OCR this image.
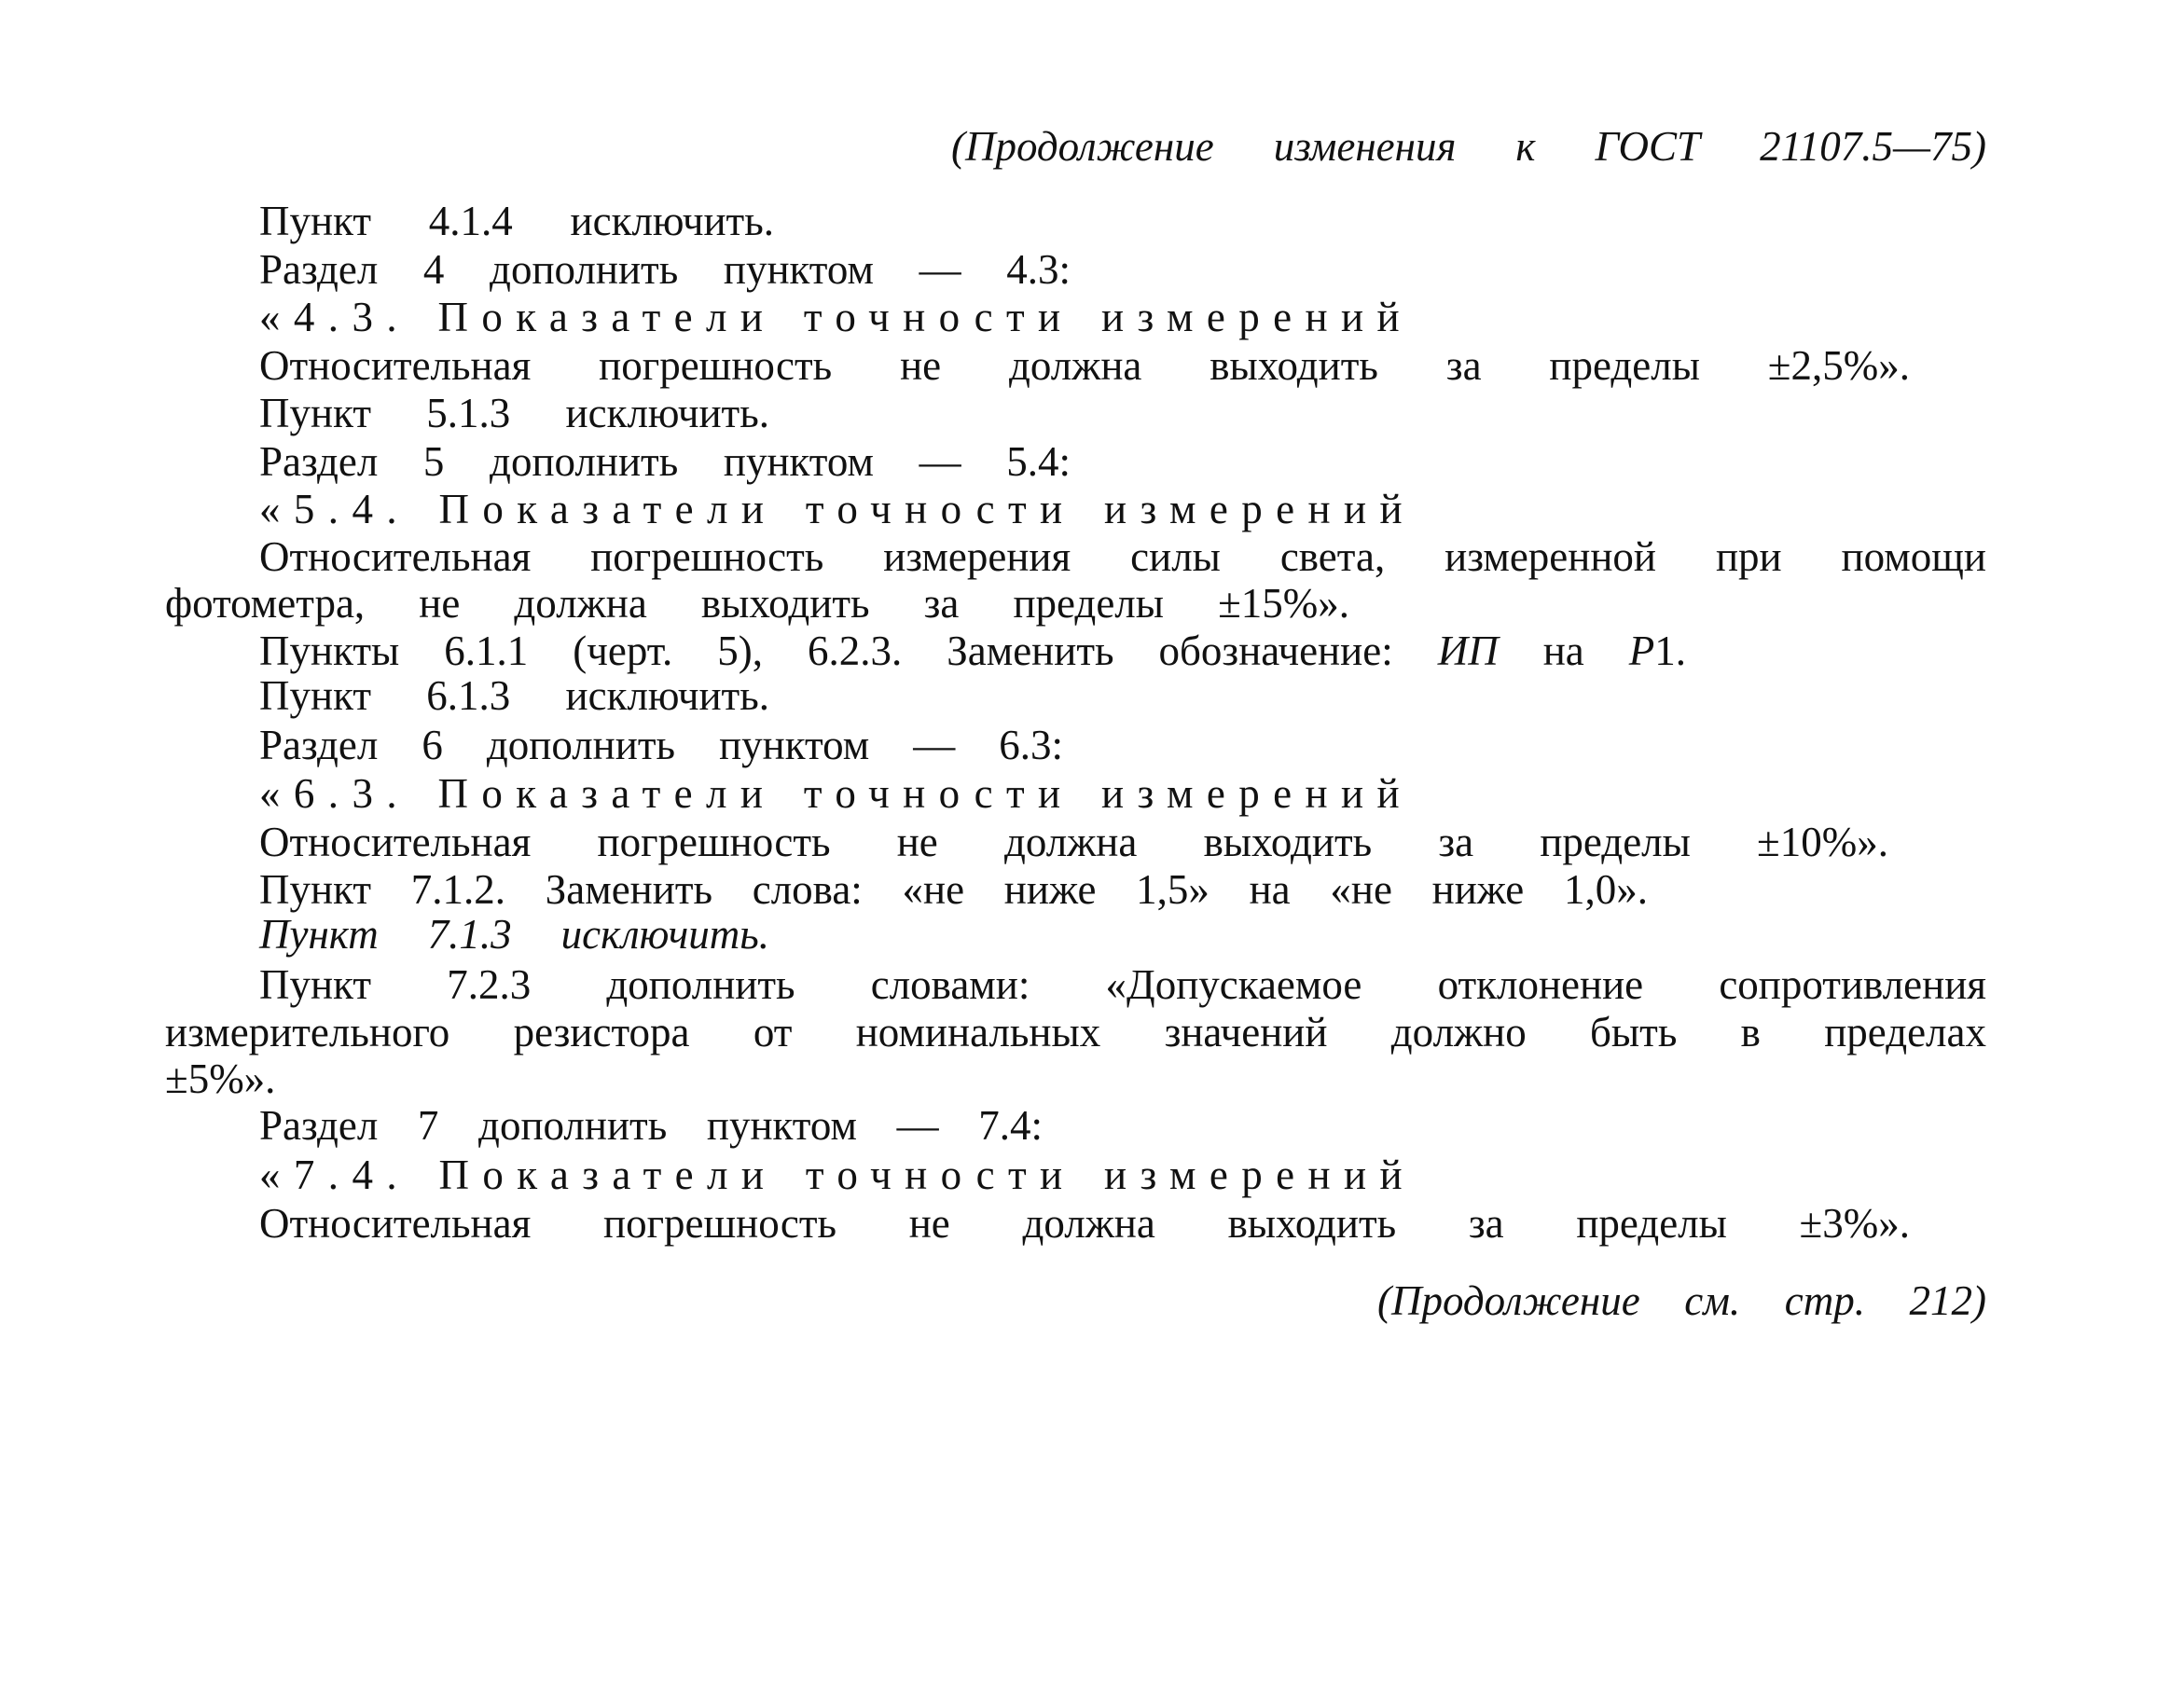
(Продолжение изменения к ГОСТ 21107.5—75)
Пункт 4.1.4 исключить.
Раздел 4 дополнить пунктом — 4.3:
«4.3. Показатели точности измерений
Относительная погрешность не должна выходить за пределы ±2,5%».
Пункт 5.1.3 исключить.
Раздел 5 дополнить пунктом — 5.4:
«5.4. Показатели точности измерений
Относительная погрешность измерения силы света, измеренной при помощи
фотометра, не должна выходить за пределы ±15%».
Пункты 6.1.1 (черт. 5), 6.2.3. Заменить обозначение: ИП на Р1.
Пункт 6.1.3 исключить.
Раздел 6 дополнить пунктом — 6.3:
«6.3. Показатели точности измерений
Относительная погрешность не должна выходить за пределы ±10%».
Пункт 7.1.2. Заменить слова: «не ниже 1,5» на «не ниже 1,0».
Пункт 7.1.3 исключить.
Пункт 7.2.3 дополнить словами: «Допускаемое отклонение сопротивления
измерительного резистора от номинальных значений должно быть в пределах
±5%».
Раздел 7 дополнить пунктом — 7.4:
«7.4. Показатели точности измерений
Относительная погрешность не должна выходить за пределы ±3%».
(Продолжение см. стр. 212)
